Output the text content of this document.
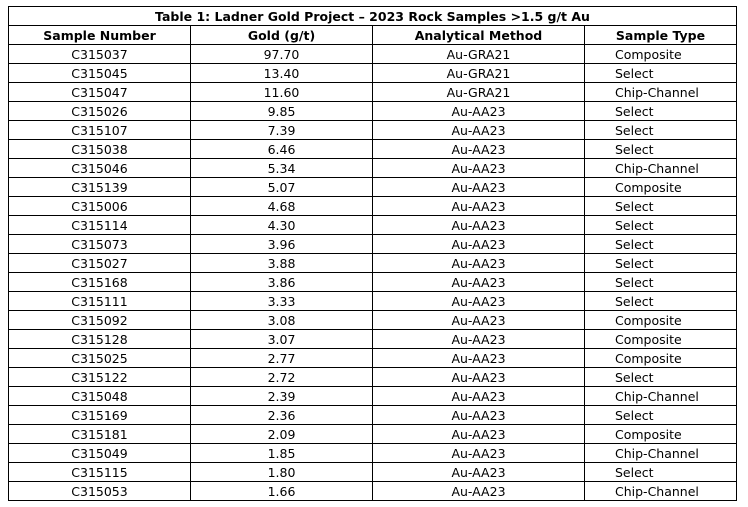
Table 1: Ladner Gold Project – 2023 Rock Samples >1.5 g/t Au			
Sample Number	Gold (g/t)	Analytical Method	Sample Type
C315037	97.70	Au-GRA21	Composite
C315045	13.40	Au-GRA21	Select
C315047	11.60	Au-GRA21	Chip-Channel
C315026	9.85	Au-AA23	Select
C315107	7.39	Au-AA23	Select
C315038	6.46	Au-AA23	Select
C315046	5.34	Au-AA23	Chip-Channel
C315139	5.07	Au-AA23	Composite
C315006	4.68	Au-AA23	Select
C315114	4.30	Au-AA23	Select
C315073	3.96	Au-AA23	Select
C315027	3.88	Au-AA23	Select
C315168	3.86	Au-AA23	Select
C315111	3.33	Au-AA23	Select
C315092	3.08	Au-AA23	Composite
C315128	3.07	Au-AA23	Composite
C315025	2.77	Au-AA23	Composite
C315122	2.72	Au-AA23	Select
C315048	2.39	Au-AA23	Chip-Channel
C315169	2.36	Au-AA23	Select
C315181	2.09	Au-AA23	Composite
C315049	1.85	Au-AA23	Chip-Channel
C315115	1.80	Au-AA23	Select
C315053	1.66	Au-AA23	Chip-Channel
